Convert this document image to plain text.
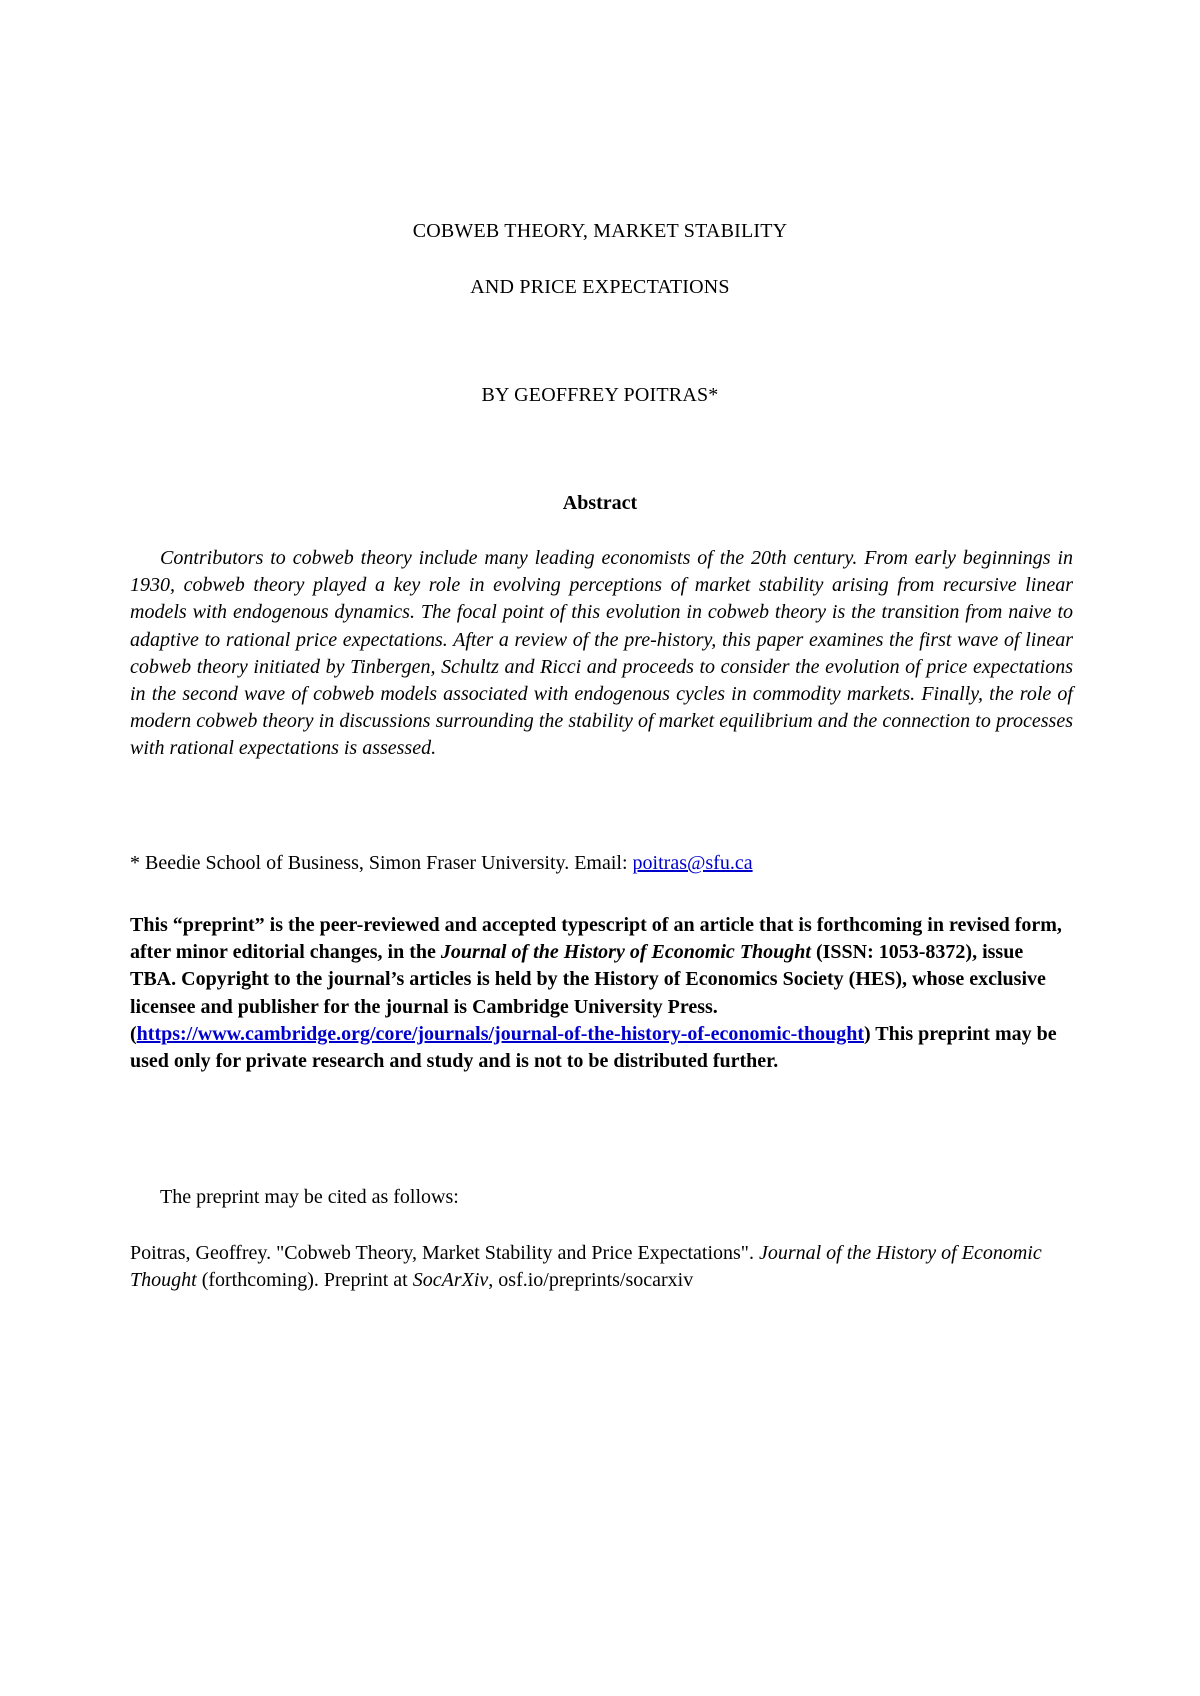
COBWEB THEORY, MARKET STABILITY
AND PRICE EXPECTATIONS
BY GEOFFREY POITRAS*
Abstract

Contributors to cobweb theory include many leading economists of the 20th century. From early beginnings in 1930, cobweb theory played a key role in evolving perceptions of market stability arising from recursive linear models with endogenous dynamics. The focal point of this evolution in cobweb theory is the transition from naive to adaptive to rational price expectations. After a review of the pre-history, this paper examines the first wave of linear cobweb theory initiated by Tinbergen, Schultz and Ricci and proceeds to consider the evolution of price expectations in the second wave of cobweb models associated with endogenous cycles in commodity markets. Finally, the role of modern cobweb theory in discussions surrounding the stability of market equilibrium and the connection to processes with rational expectations is assessed.

* Beedie School of Business, Simon Fraser University. Email: poitras@sfu.ca

This “preprint” is the peer-reviewed and accepted typescript of an article that is forthcoming in revised form, after minor editorial changes, in the Journal of the History of Economic Thought (ISSN: 1053-8372), issue TBA. Copyright to the journal’s articles is held by the History of Economics Society (HES), whose exclusive licensee and publisher for the journal is Cambridge University Press. (https://www.cambridge.org/core/journals/journal-of-the-history-of-economic-thought) This preprint may be used only for private research and study and is not to be distributed further.

The preprint may be cited as follows:

Poitras, Geoffrey. "Cobweb Theory, Market Stability and Price Expectations". Journal of the History of Economic Thought (forthcoming). Preprint at SocArXiv, osf.io/preprints/socarxiv
